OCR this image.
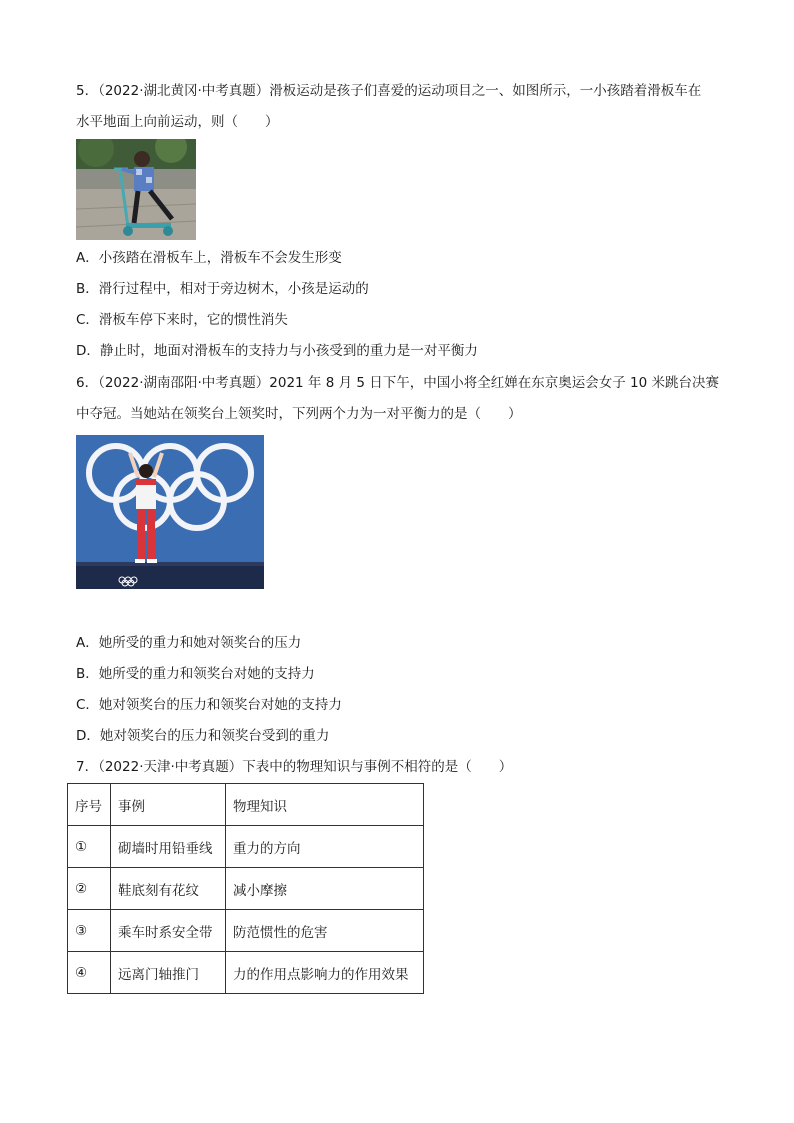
5．（2022·湖北黄冈·中考真题）滑板运动是孩子们喜爱的运动项目之一、如图所示，一小孩踏着滑板车在
水平地面上向前运动，则（　　）
A．小孩踏在滑板车上，滑板车不会发生形变
B．滑行过程中，相对于旁边树木，小孩是运动的
C．滑板车停下来时，它的惯性消失
D．静止时，地面对滑板车的支持力与小孩受到的重力是一对平衡力
6．（2022·湖南邵阳·中考真题）2021 年 8 月 5 日下午，中国小将全红婵在东京奥运会女子 10 米跳台决赛
中夺冠。当她站在领奖台上领奖时，下列两个力为一对平衡力的是（　　）
A．她所受的重力和她对领奖台的压力
B．她所受的重力和领奖台对她的支持力
C．她对领奖台的压力和领奖台对她的支持力
D．她对领奖台的压力和领奖台受到的重力
7．（2022·天津·中考真题）下表中的物理知识与事例不相符的是（　　）
序号	事例	物理知识
①	砌墙时用铅垂线	重力的方向
②	鞋底刻有花纹	减小摩擦
③	乘车时系安全带	防范惯性的危害
④	远离门轴推门	力的作用点影响力的作用效果
